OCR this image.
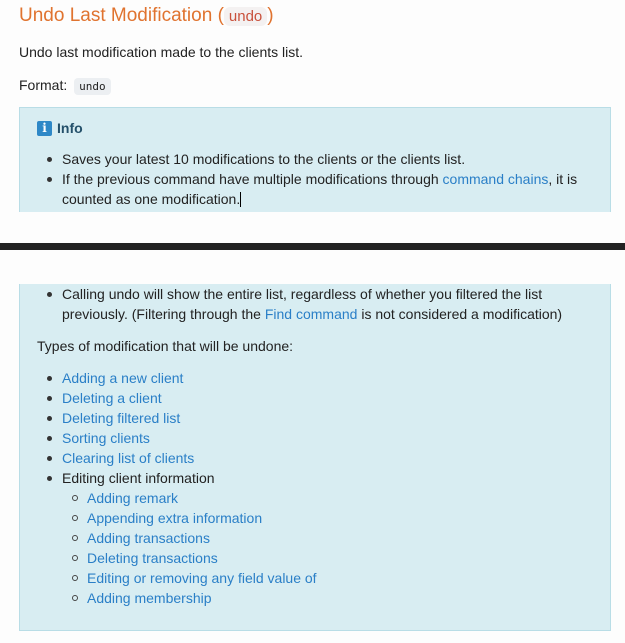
Undo Last Modification ( undo )
Undo last modification made to the clients list.
Format: undo
i Info
Saves your latest 10 modifications to the clients or the clients list.
If the previous command have multiple modifications through command chains, it is counted as one modification.
Calling undo will show the entire list, regardless of whether you filtered the list previously. (Filtering through the Find command is not considered a modification)
Types of modification that will be undone:
Adding a new client
Deleting a client
Deleting filtered list
Sorting clients
Clearing list of clients
Editing client information
Adding remark
Appending extra information
Adding transactions
Deleting transactions
Editing or removing any field value of
Adding membership
